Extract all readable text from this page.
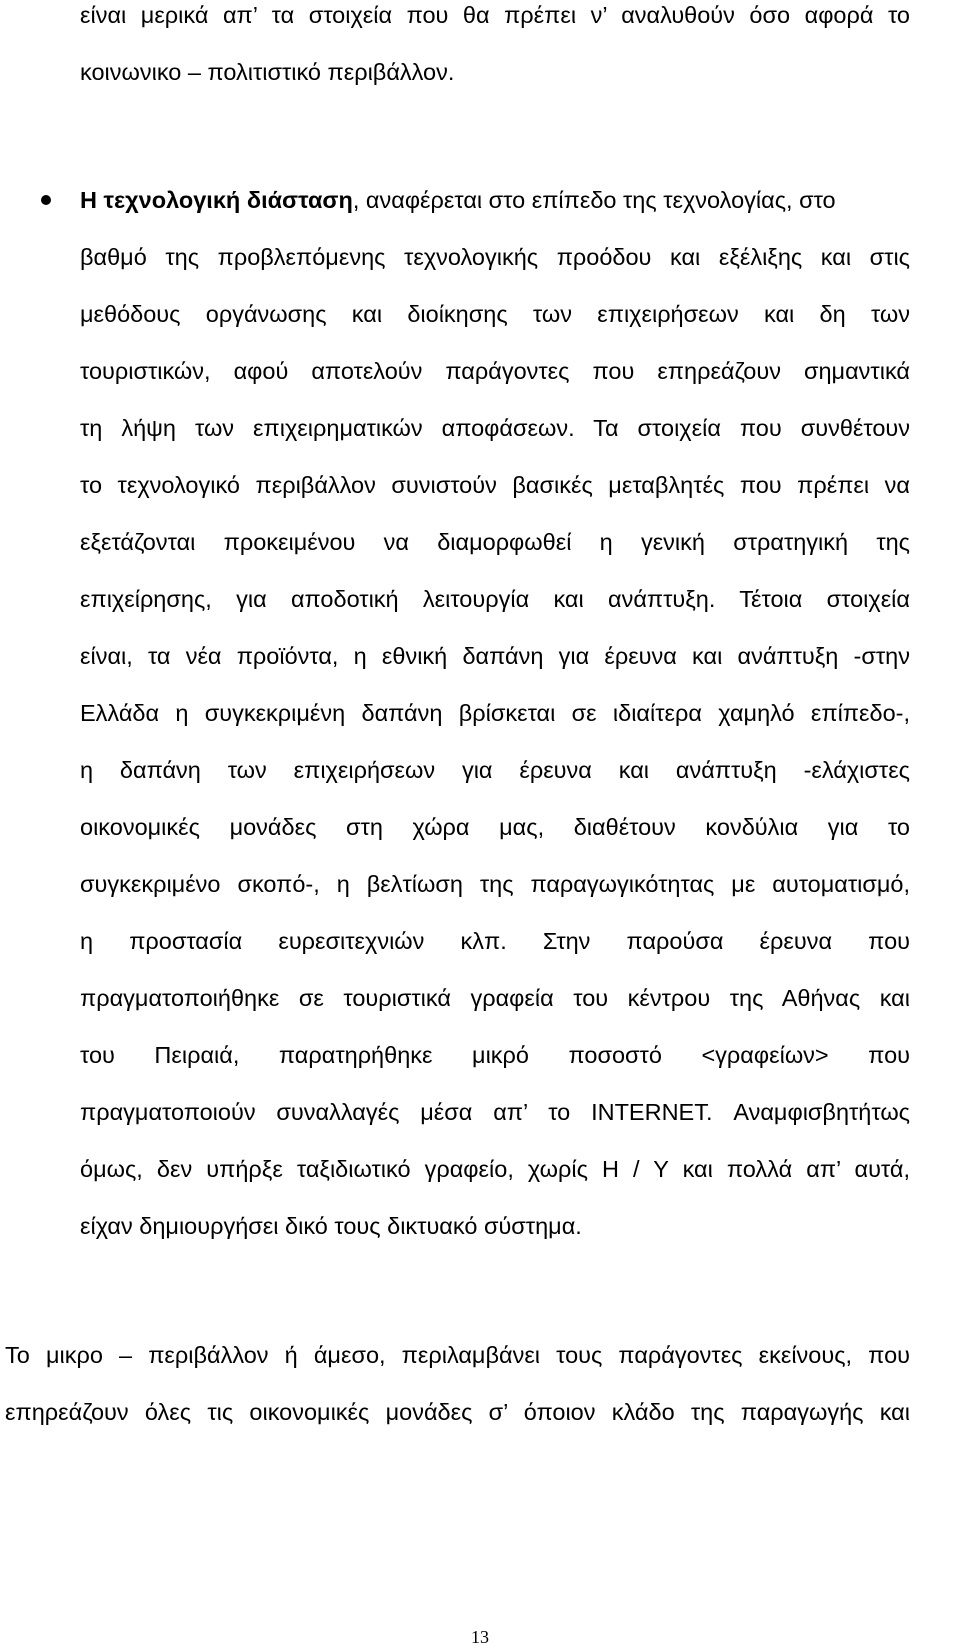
είναι μερικά απ’ τα στοιχεία που θα πρέπει ν’ αναλυθούν όσο αφορά το
κοινωνικο – πολιτιστικό περιβάλλον.
Η τεχνολογική διάσταση, αναφέρεται στο επίπεδο της τεχνολογίας, στο
βαθμό της προβλεπόμενης τεχνολογικής προόδου και εξέλιξης και στις
μεθόδους οργάνωσης και διοίκησης των επιχειρήσεων και δη των
τουριστικών, αφού αποτελούν παράγοντες που επηρεάζουν σημαντικά
τη λήψη των επιχειρηματικών αποφάσεων. Τα στοιχεία που συνθέτουν
το τεχνολογικό περιβάλλον συνιστούν βασικές μεταβλητές που πρέπει να
εξετάζονται προκειμένου να διαμορφωθεί η γενική στρατηγική της
επιχείρησης, για αποδοτική λειτουργία και ανάπτυξη. Τέτοια στοιχεία
είναι, τα νέα προϊόντα, η εθνική δαπάνη για έρευνα και ανάπτυξη -στην
Ελλάδα η συγκεκριμένη δαπάνη βρίσκεται σε ιδιαίτερα χαμηλό επίπεδο-,
η δαπάνη των επιχειρήσεων για έρευνα και ανάπτυξη -ελάχιστες
οικονομικές μονάδες στη χώρα μας, διαθέτουν κονδύλια για το
συγκεκριμένο σκοπό-, η βελτίωση της παραγωγικότητας με αυτοματισμό,
η προστασία ευρεσιτεχνιών κλπ. Στην παρούσα έρευνα που
πραγματοποιήθηκε σε τουριστικά γραφεία του κέντρου της Αθήνας και
του Πειραιά, παρατηρήθηκε μικρό ποσοστό <γραφείων> που
πραγματοποιούν συναλλαγές μέσα απ’ το INTERNET. Αναμφισβητήτως
όμως, δεν υπήρξε ταξιδιωτικό γραφείο, χωρίς Η / Υ και πολλά απ’ αυτά,
είχαν δημιουργήσει δικό τους δικτυακό σύστημα.
Το μικρο – περιβάλλον ή άμεσο, περιλαμβάνει τους παράγοντες εκείνους, που
επηρεάζουν όλες τις οικονομικές μονάδες σ’ όποιον κλάδο της παραγωγής και
13
